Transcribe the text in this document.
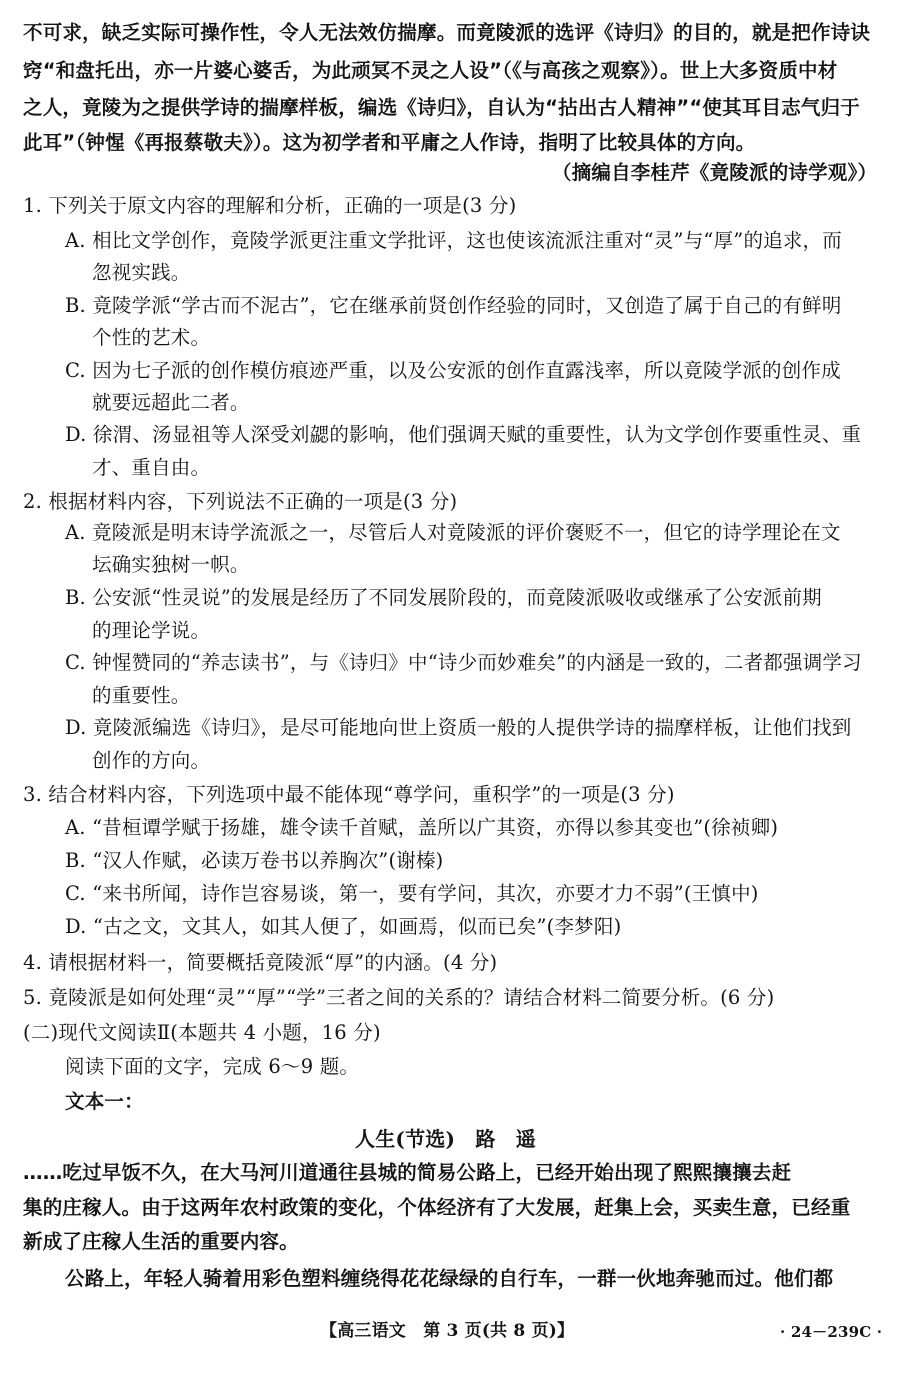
不可求，缺乏实际可操作性，令人无法效仿揣摩。而竟陵派的选评《诗归》的目的，就是把作诗诀
窍“和盘托出，亦一片婆心婆舌，为此顽冥不灵之人设”（《与高孩之观察》）。世上大多资质中材
之人，竟陵为之提供学诗的揣摩样板，编选《诗归》，自认为“拈出古人精神”“使其耳目志气归于
此耳”（钟惺《再报蔡敬夫》）。这为初学者和平庸之人作诗，指明了比较具体的方向。
（摘编自李桂芹《竟陵派的诗学观》）
1. 下列关于原文内容的理解和分析，正确的一项是(3 分)
A. 相比文学创作，竟陵学派更注重文学批评，这也使该流派注重对“灵”与“厚”的追求，而
忽视实践。
B. 竟陵学派“学古而不泥古”，它在继承前贤创作经验的同时，又创造了属于自己的有鲜明
个性的艺术。
C. 因为七子派的创作模仿痕迹严重，以及公安派的创作直露浅率，所以竟陵学派的创作成
就要远超此二者。
D. 徐渭、汤显祖等人深受刘勰的影响，他们强调天赋的重要性，认为文学创作要重性灵、重
才、重自由。
2. 根据材料内容，下列说法不正确的一项是(3 分)
A. 竟陵派是明末诗学流派之一，尽管后人对竟陵派的评价褒贬不一，但它的诗学理论在文
坛确实独树一帜。
B. 公安派“性灵说”的发展是经历了不同发展阶段的，而竟陵派吸收或继承了公安派前期
的理论学说。
C. 钟惺赞同的“养志读书”，与《诗归》中“诗少而妙难矣”的内涵是一致的，二者都强调学习
的重要性。
D. 竟陵派编选《诗归》，是尽可能地向世上资质一般的人提供学诗的揣摩样板，让他们找到
创作的方向。
3. 结合材料内容，下列选项中最不能体现“尊学问，重积学”的一项是(3 分)
A. “昔桓谭学赋于扬雄，雄令读千首赋，盖所以广其资，亦得以参其变也”(徐祯卿)
B. “汉人作赋，必读万卷书以养胸次”(谢榛)
C. “来书所闻，诗作岂容易谈，第一，要有学问，其次，亦要才力不弱”(王慎中)
D. “古之文，文其人，如其人便了，如画焉，似而已矣”(李梦阳)
4. 请根据材料一，简要概括竟陵派“厚”的内涵。(4 分)
5. 竟陵派是如何处理“灵”“厚”“学”三者之间的关系的？请结合材料二简要分析。(6 分)
(二)现代文阅读Ⅱ(本题共 4 小题，16 分)
阅读下面的文字，完成 6～9 题。
文本一：
人生(节选)　路　遥
……吃过早饭不久，在大马河川道通往县城的简易公路上，已经开始出现了熙熙攘攘去赶
集的庄稼人。由于这两年农村政策的变化，个体经济有了大发展，赶集上会，买卖生意，已经重
新成了庄稼人生活的重要内容。
公路上，年轻人骑着用彩色塑料缠绕得花花绿绿的自行车，一群一伙地奔驰而过。他们都
【高三语文　第 3 页(共 8 页)】	· 24－239C ·
